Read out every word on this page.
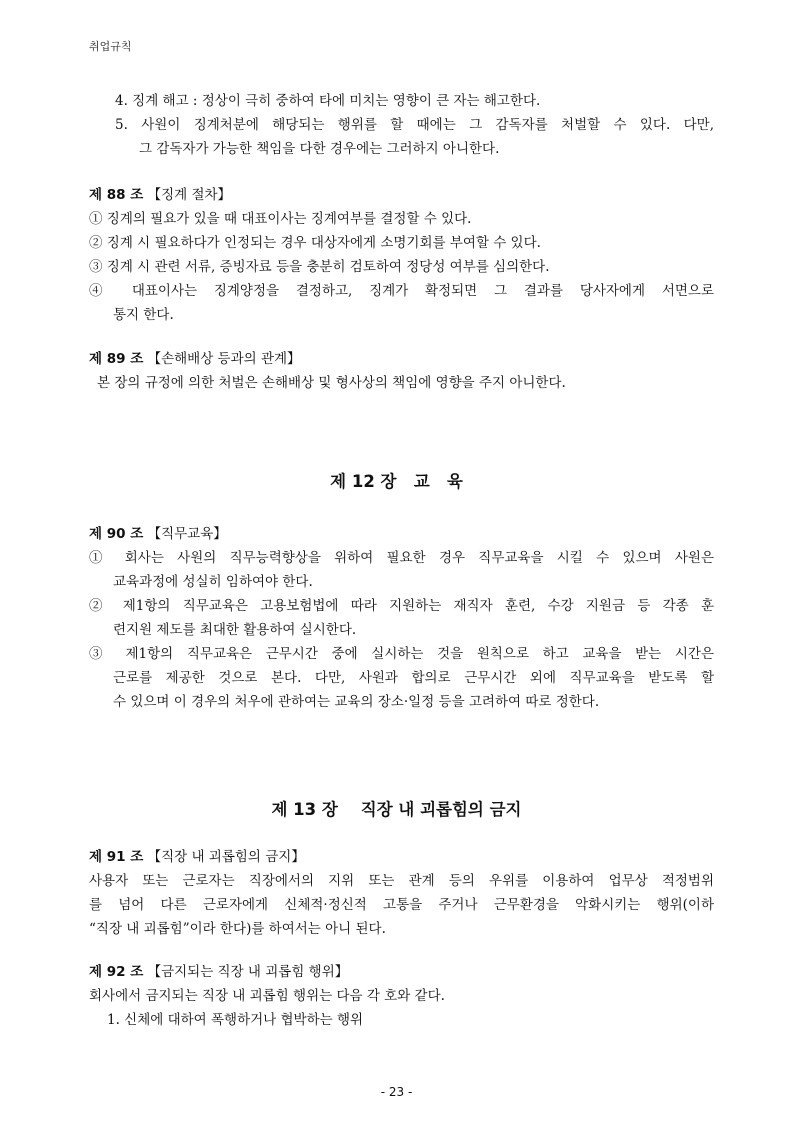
취업규칙
4. 징계 해고 : 정상이 극히 중하여 타에 미치는 영향이 큰 자는 해고한다.
5. 사원이 징계처분에 해당되는 행위를 할 때에는 그 감독자를 처벌할 수 있다. 다만,
그 감독자가 가능한 책임을 다한 경우에는 그러하지 아니한다.
제 88 조 【징계 절차】
① 징계의 필요가 있을 때 대표이사는 징계여부를 결정할 수 있다.
② 징계 시 필요하다가 인정되는 경우 대상자에게 소명기회를 부여할 수 있다.
③ 징계 시 관련 서류, 증빙자료 등을 충분히 검토하여 정당성 여부를 심의한다.
④ 대표이사는 징계양정을 결정하고, 징계가 확정되면 그 결과를 당사자에게 서면으로
통지 한다.
제 89 조 【손해배상 등과의 관계】
본 장의 규정에 의한 처벌은 손해배상 및 형사상의 책임에 영향을 주지 아니한다.
제 12 장   교   육
제 90 조 【직무교육】
① 회사는 사원의 직무능력향상을 위하여 필요한 경우 직무교육을 시킬 수 있으며 사원은
교육과정에 성실히 임하여야 한다.
② 제1항의 직무교육은 고용보험법에 따라 지원하는 재직자 훈련, 수강 지원금 등 각종 훈
련지원 제도를 최대한 활용하여 실시한다.
③ 제1항의 직무교육은 근무시간 중에 실시하는 것을 원칙으로 하고 교육을 받는 시간은
근로를 제공한 것으로 본다. 다만, 사원과 합의로 근무시간 외에 직무교육을 받도록 할
수 있으며 이 경우의 처우에 관하여는 교육의 장소·일정 등을 고려하여 따로 정한다.
제 13 장    직장 내 괴롭힘의 금지
제 91 조 【직장 내 괴롭힘의 금지】
사용자 또는 근로자는 직장에서의 지위 또는 관계 등의 우위를 이용하여 업무상 적정범위
를 넘어 다른 근로자에게 신체적·정신적 고통을 주거나 근무환경을 악화시키는 행위(이하
“직장 내 괴롭힘”이라 한다)를 하여서는 아니 된다.
제 92 조 【금지되는 직장 내 괴롭힘 행위】
회사에서 금지되는 직장 내 괴롭힘 행위는 다음 각 호와 같다.
1. 신체에 대하여 폭행하거나 협박하는 행위
- 23 -
